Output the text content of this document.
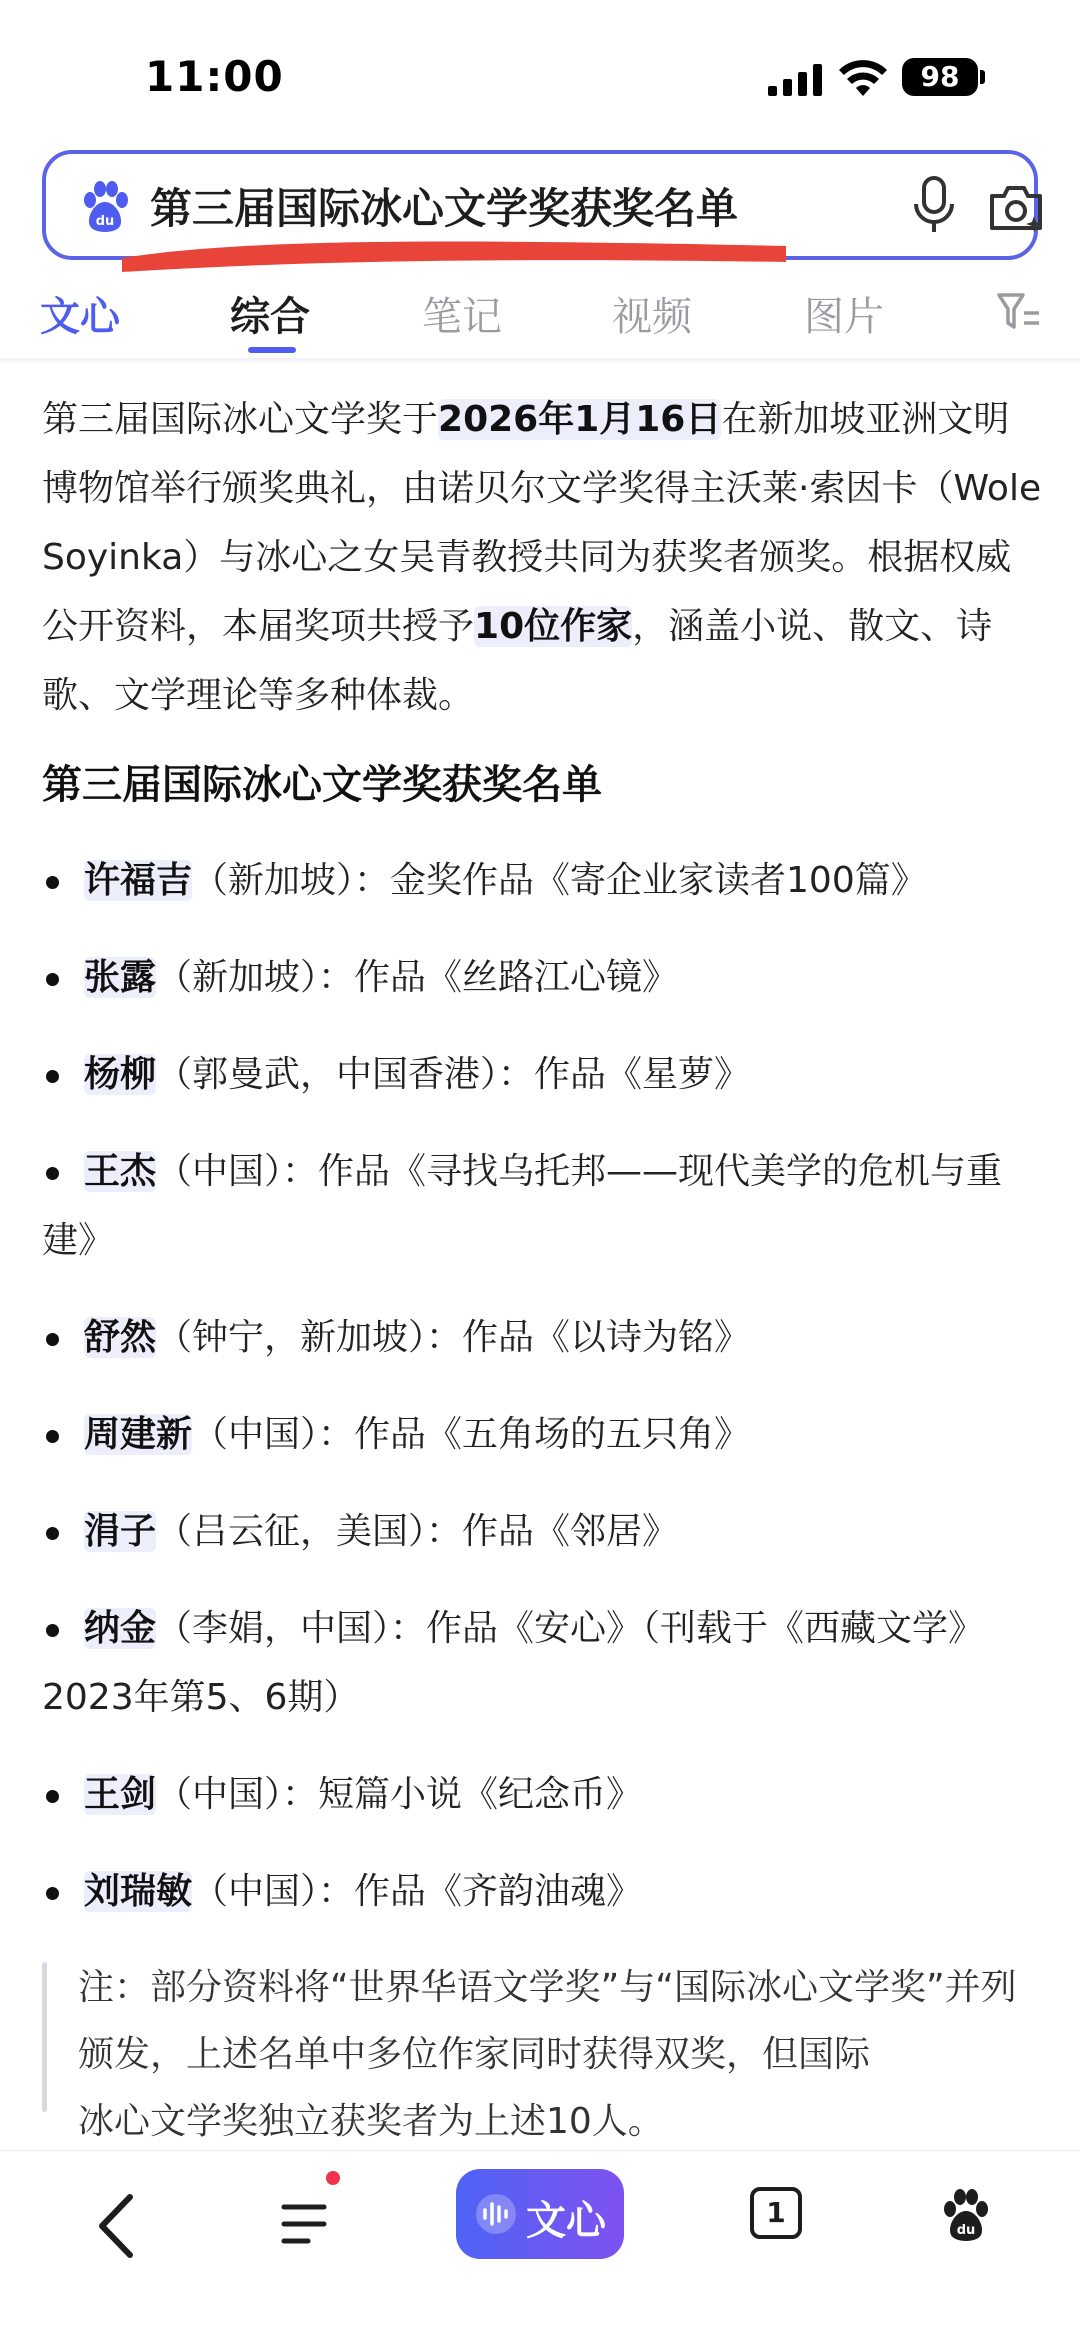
11:00	98
du 第三届国际冰心文学奖获奖名单
文心	综合	笔记	视频	图片

第三届国际冰心文学奖于2026年1月16日在新加坡亚洲文明博物馆举行颁奖典礼，由诺贝尔文学奖得主沃莱·索因卡（Wole Soyinka）与冰心之女吴青教授共同为获奖者颁奖。根据权威公开资料，本届奖项共授予10位作家，涵盖小说、散文、诗歌、文学理论等多种体裁。

第三届国际冰心文学奖获奖名单
许福吉（新加坡）：金奖作品《寄企业家读者100篇》
张露（新加坡）：作品《丝路江心镜》
杨柳（郭曼武，中国香港）：作品《星萝》
王杰（中国）：作品《寻找乌托邦——现代美学的危机与重建》
舒然（钟宁，新加坡）：作品《以诗为铭》
周建新（中国）：作品《五角场的五只角》
涓子（吕云征，美国）：作品《邻居》
纳金（李娟，中国）：作品《安心》（刊载于《西藏文学》2023年第5、6期）
王剑（中国）：短篇小说《纪念币》
刘瑞敏（中国）：作品《齐韵油魂》

注：部分资料将“世界华语文学奖”与“国际冰心文学奖”并列颁发，上述名单中多位作家同时获得双奖，但国际

冰心文学奖独立获奖者为上述10人。
文心	1
du
